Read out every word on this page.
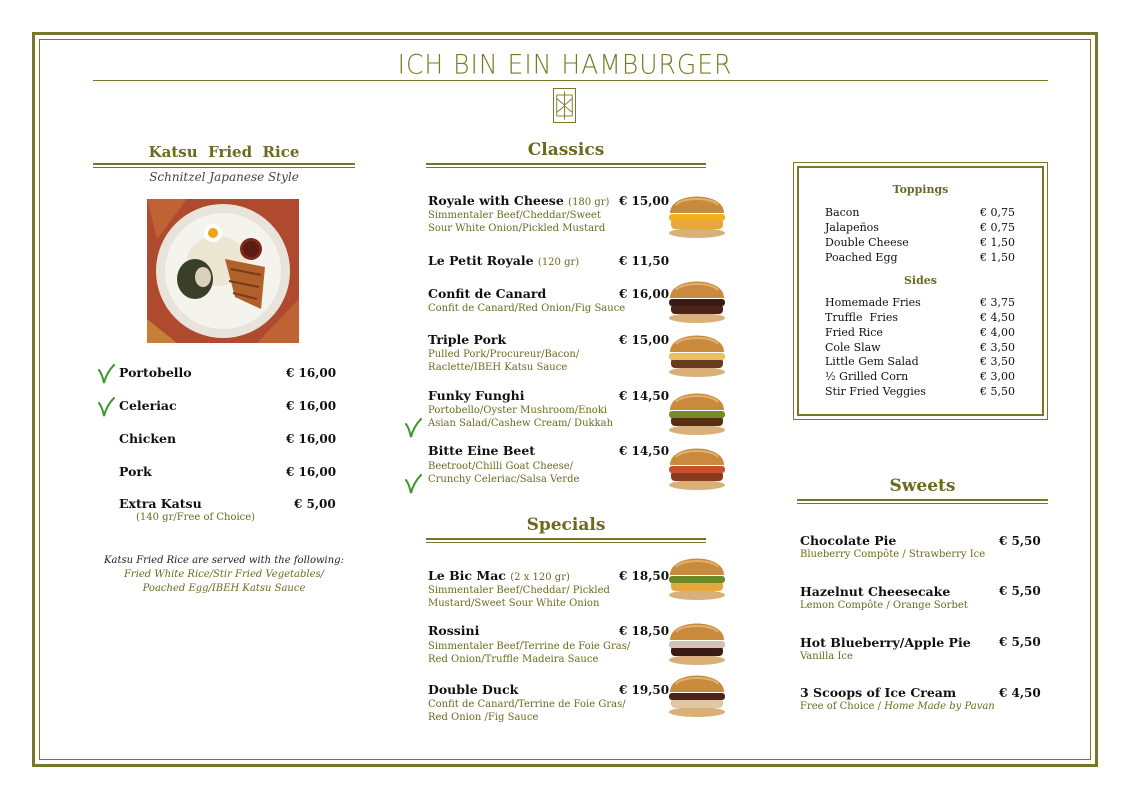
ICH BIN EIN HAMBURGER
Katsu  Fried  Rice
Schnitzel Japanese Style
Portobello	€ 16,00
Celeriac	€ 16,00
Chicken	€ 16,00
Pork	€ 16,00
Extra Katsu	€ 5,00
(140 gr/Free of Choice)
Katsu Fried Rice are served with the following:
Fried White Rice/Stir Fried Vegetables/
Poached Egg/IBEH Katsu Sauce
Classics
Royale with Cheese (180 gr) € 15,00
Simmentaler Beef/Cheddar/Sweet
Sour White Onion/Pickled Mustard
Le Petit Royale (120 gr)	€ 11,50
Confit de Canard	€ 16,00
Confit de Canard/Red Onion/Fig Sauce
Triple Pork	€ 15,00
Pulled Pork/Procureur/Bacon/
Raclette/IBEH Katsu Sauce
Funky Funghi	€ 14,50
Portobello/Oyster Mushroom/Enoki
Asian Salad/Cashew Cream/ Dukkah
Bitte Eine Beet	€ 14,50
Beetroot/Chilli Goat Cheese/
Crunchy Celeriac/Salsa Verde
Specials
Le Bic Mac (2 x 120 gr)	€ 18,50
Simmentaler Beef/Cheddar/ Pickled
Mustard/Sweet Sour White Onion
Rossini	€ 18,50
Simmentaler Beef/Terrine de Foie Gras/
Red Onion/Truffle Madeira Sauce
Double Duck	€ 19,50
Confit de Canard/Terrine de Foie Gras/
Red Onion /Fig Sauce
Toppings
Bacon	€ 0,75
Jalapeños	€ 0,75
Double Cheese	€ 1,50
Poached Egg	€ 1,50
Sides
Homemade Fries	€ 3,75
Truffle  Fries	€ 4,50
Fried Rice	€ 4,00
Cole Slaw	€ 3,50
Little Gem Salad	€ 3,50
½ Grilled Corn	€ 3,00
Stir Fried Veggies	€ 5,50
Sweets
Chocolate Pie	€ 5,50
Blueberry Compôte / Strawberry Ice
Hazelnut Cheesecake	€ 5,50
Lemon Compôte / Orange Sorbet
Hot Blueberry/Apple Pie € 5,50
Vanilla Ice
3 Scoops of Ice Cream	€ 4,50
Free of Choice / Home Made by Pavan
